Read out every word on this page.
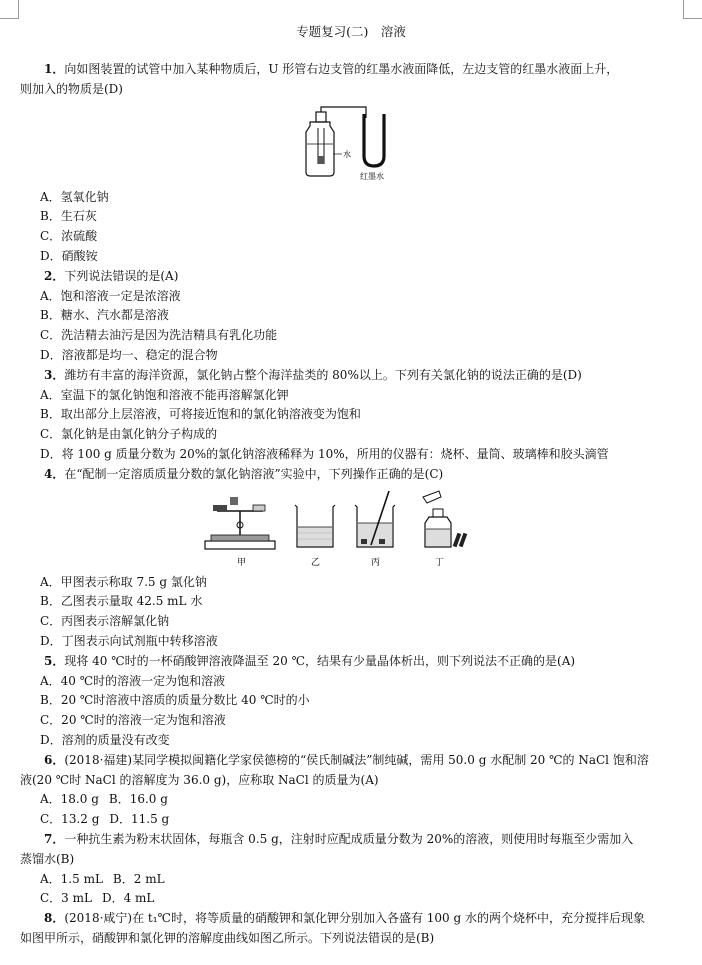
专题复习(二)　溶液
1．向如图装置的试管中加入某种物质后，U 形管右边支管的红墨水液面降低，左边支管的红墨水液面上升，
则加入的物质是(D)
水
红墨水
A．氢氧化钠
B．生石灰
C．浓硫酸
D．硝酸铵
2．下列说法错误的是(A)
A．饱和溶液一定是浓溶液
B．糖水、汽水都是溶液
C．洗洁精去油污是因为洗洁精具有乳化功能
D．溶液都是均一、稳定的混合物
3．潍坊有丰富的海洋资源，氯化钠占整个海洋盐类的 80%以上。下列有关氯化钠的说法正确的是(D)
A．室温下的氯化钠饱和溶液不能再溶解氯化钾
B．取出部分上层溶液，可将接近饱和的氯化钠溶液变为饱和
C．氯化钠是由氯化钠分子构成的
D．将 100 g 质量分数为 20%的氯化钠溶液稀释为 10%，所用的仪器有：烧杯、量筒、玻璃棒和胶头滴管
4．在“配制一定溶质质量分数的氯化钠溶液”实验中，下列操作正确的是(C)
甲	乙	丙	丁
A．甲图表示称取 7.5 g 氯化钠
B．乙图表示量取 42.5 mL 水
C．丙图表示溶解氯化钠
D．丁图表示向试剂瓶中转移溶液
5．现将 40 ℃时的一杯硝酸钾溶液降温至 20 ℃，结果有少量晶体析出，则下列说法不正确的是(A)
A．40 ℃时的溶液一定为饱和溶液
B．20 ℃时溶液中溶质的质量分数比 40 ℃时的小
C．20 ℃时的溶液一定为饱和溶液
D．溶剂的质量没有改变
6．(2018·福建)某同学模拟闽籍化学家侯德榜的“侯氏制碱法”制纯碱，需用 50.0 g 水配制 20 ℃的 NaCl 饱和溶
液(20 ℃时 NaCl 的溶解度为 36.0 g)，应称取 NaCl 的质量为(A)
A．18.0 g B．16.0 g
C．13.2 g D．11.5 g
7．一种抗生素为粉末状固体，每瓶含 0.5 g，注射时应配成质量分数为 20%的溶液，则使用时每瓶至少需加入
蒸馏水(B)
A．1.5 mL B．2 mL
C．3 mL D．4 mL
8．(2018·咸宁)在 t₁℃时，将等质量的硝酸钾和氯化钾分别加入各盛有 100 g 水的两个烧杯中，充分搅拌后现象
如图甲所示，硝酸钾和氯化钾的溶解度曲线如图乙所示。下列说法错误的是(B)
